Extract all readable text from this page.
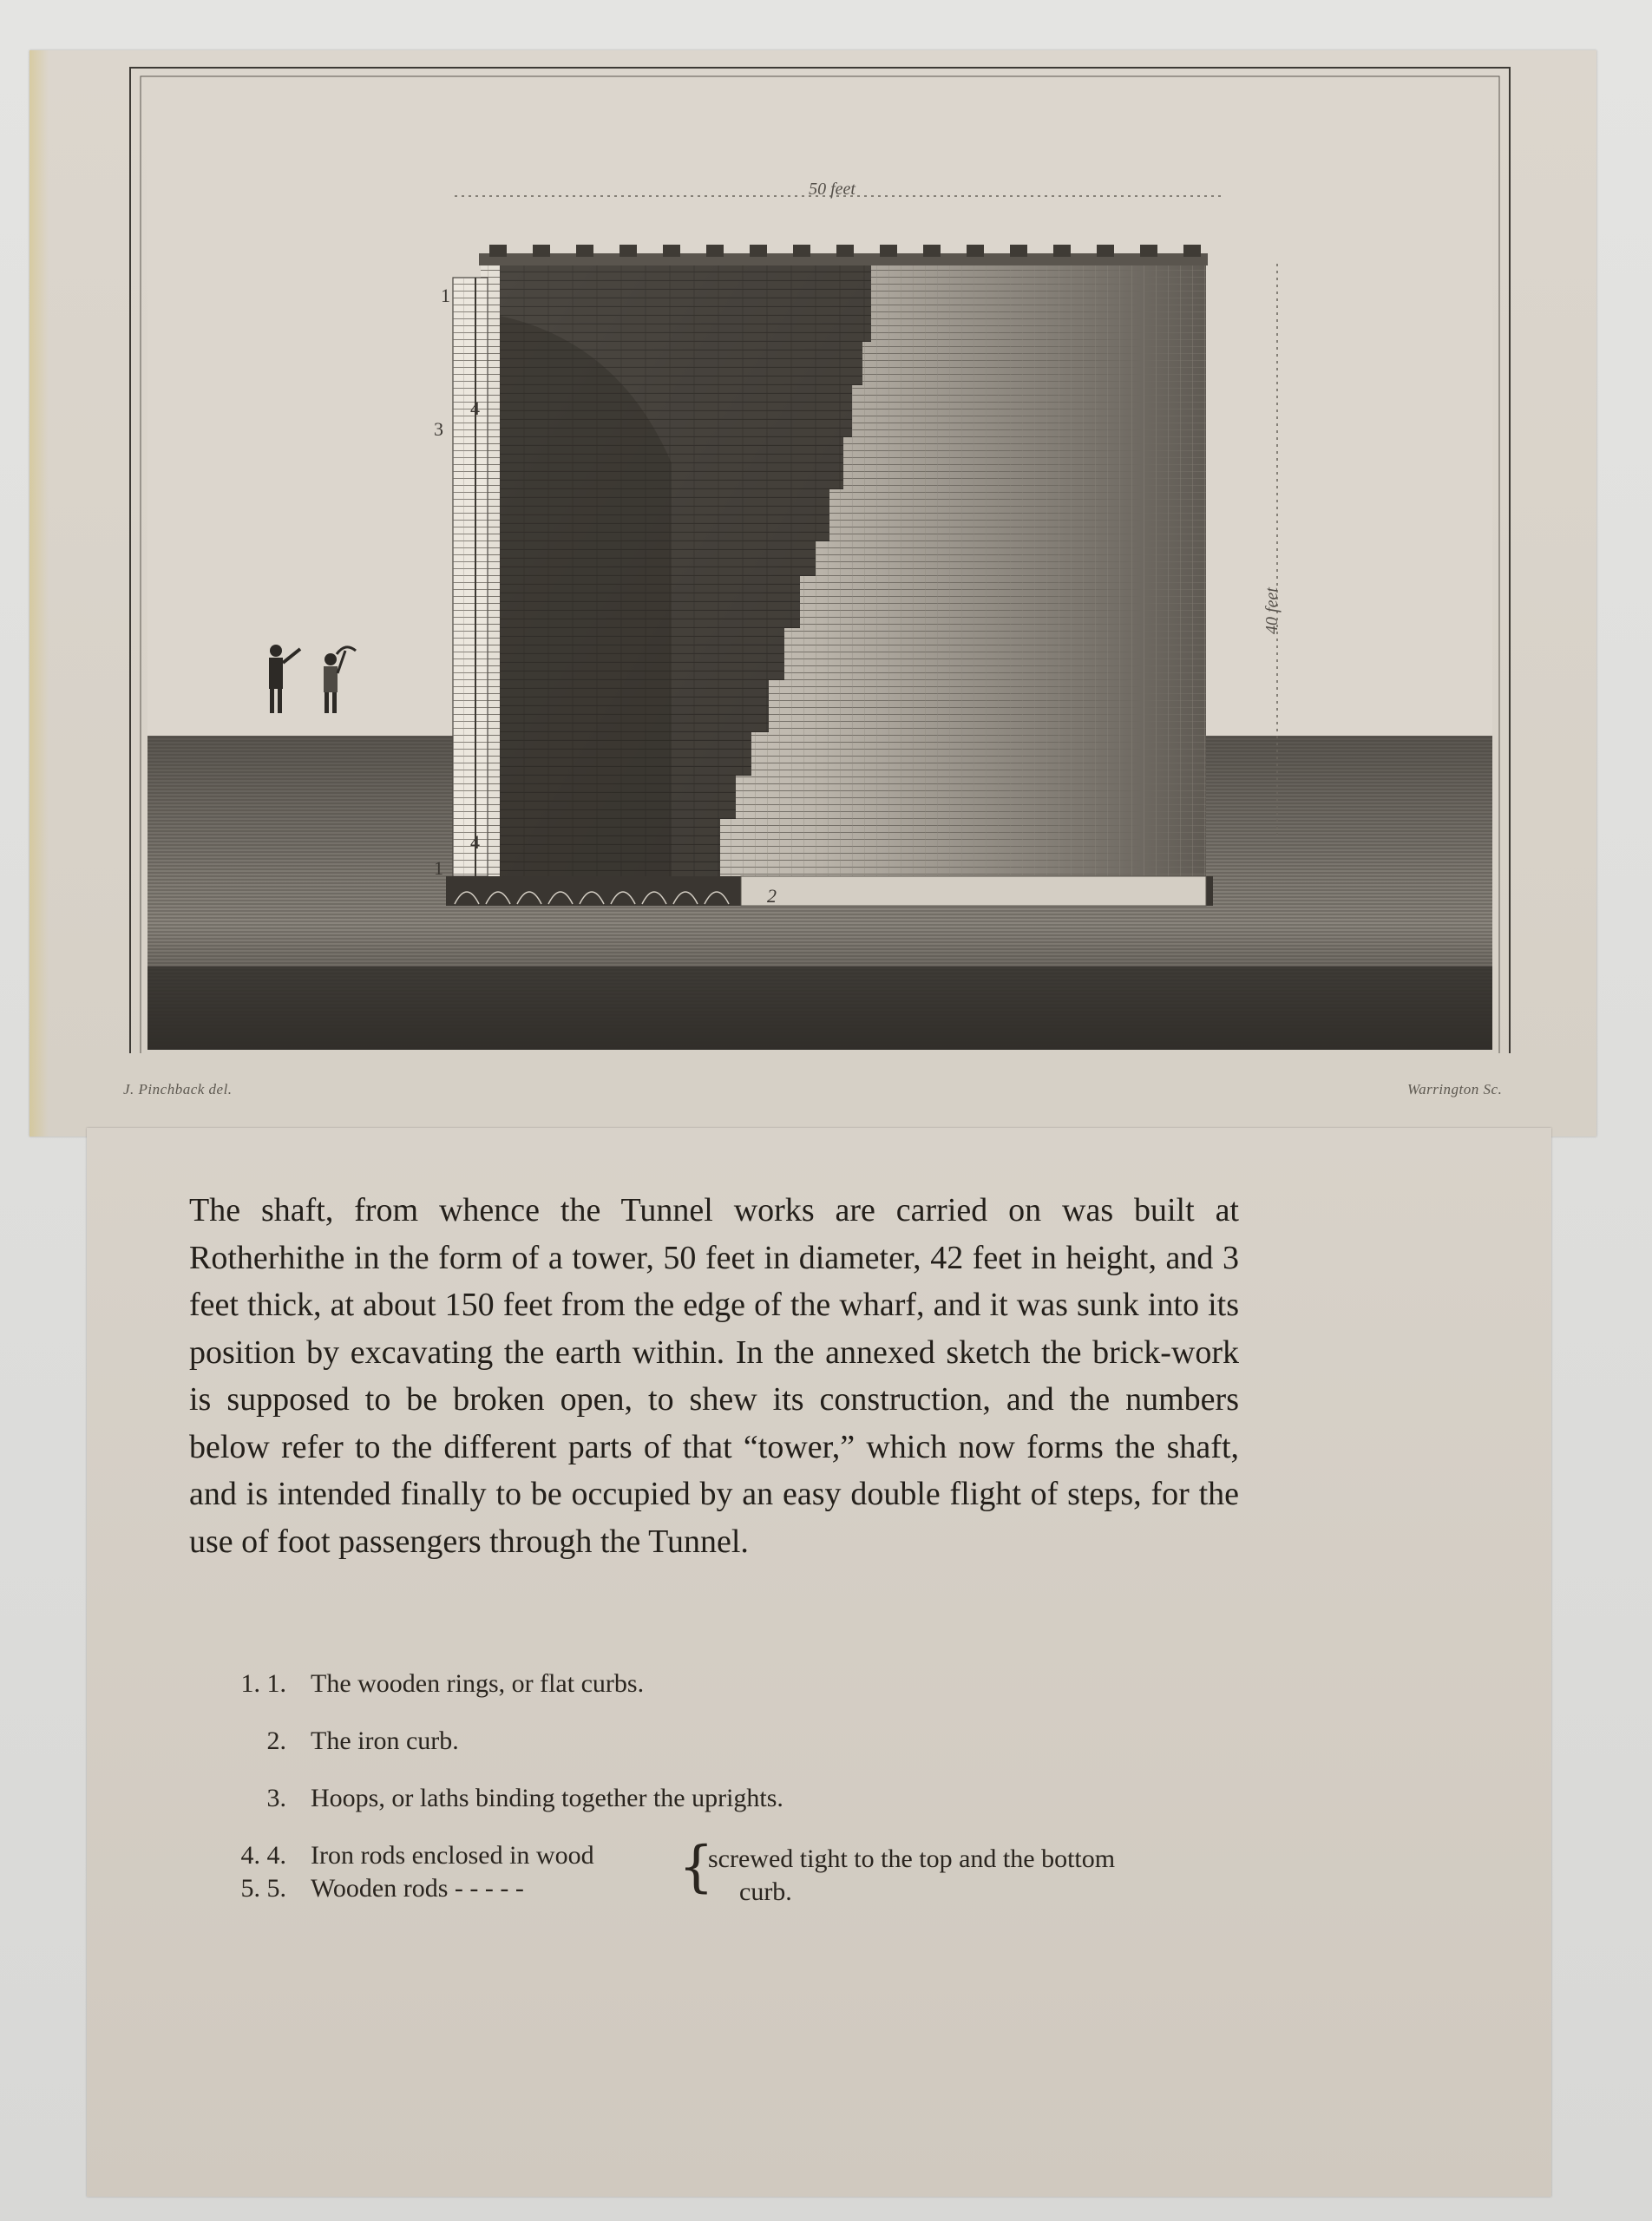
50 feet
40 feet
1
1
2
3
4
4
J. Pinchback del.	Warrington Sc.
The shaft, from whence the Tunnel works are carried on was built at Rotherhithe in the form of a tower, 50 feet in diameter, 42 feet in height, and 3 feet thick, at about 150 feet from the edge of the wharf, and it was sunk into its position by excavating the earth within. In the annexed sketch the brick-work is supposed to be broken open, to shew its construction, and the numbers below refer to the different parts of that “tower,” which now forms the shaft, and is intended finally to be occupied by an easy double flight of steps, for the use of foot passengers through the Tunnel.
1. 1. The wooden rings, or flat curbs.
2. The iron curb.
3. Hoops, or laths binding together the uprights.
4. 4. Iron rods enclosed in wood
5. 5. Wooden rods - - - - -	{
screwed tight to the top and the bottom
curb.
